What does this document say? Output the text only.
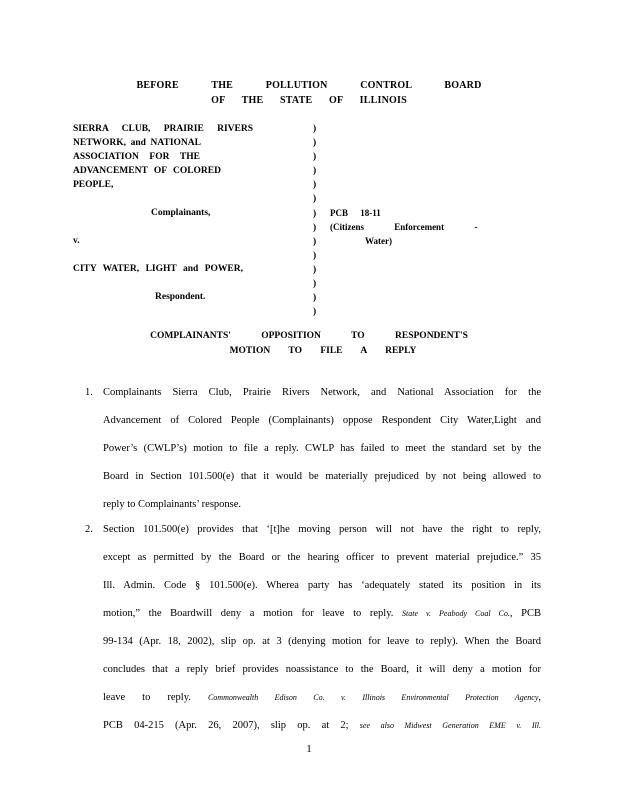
BEFORE THE POLLUTION CONTROL BOARD
OF THE STATE OF ILLINOIS
SIERRA CLUB, PRAIRIE RIVERS
NETWORK, and NATIONAL
ASSOCIATION FOR THE
ADVANCEMENT OF COLORED
PEOPLE,
Complainants,
v.
CITY WATER, LIGHT and POWER,
Respondent.
)
)
)
)
)
)
)
)
)
)
)
)
)
)
PCB 18-11
(Citizens Enforcement -
Water)
COMPLAINANTS' OPPOSITION TO RESPONDENT'S
MOTION TO FILE A REPLY
1. Complainants Sierra Club, Prairie Rivers Network, and National Association for the
Advancement of Colored People (Complainants) oppose Respondent City Water,Light and
Power’s (CWLP’s) motion to file a reply. CWLP has failed to meet the standard set by the
Board in Section 101.500(e) that it would be materially prejudiced by not being allowed to
reply to Complainants’ response.
2. Section 101.500(e) provides that ‘[t]he moving person will not have the right to reply,
except as permitted by the Board or the hearing officer to prevent material prejudice.” 35
Ill. Admin. Code § 101.500(e). Wherea party has ‘adequately stated its position in its
motion,” the Boardwill deny a motion for leave to reply. State v. Peabody Coal Co., PCB
99-134 (Apr. 18, 2002), slip op. at 3 (denying motion for leave to reply). When the Board
concludes that a reply brief provides noassistance to the Board, it will deny a motion for
leave to reply. Commonwealth Edison Co. v. Illinois Environmental Protection Agency,
PCB 04-215 (Apr. 26, 2007), slip op. at 2; see also Midwest Generation EME v. Ill.
1
